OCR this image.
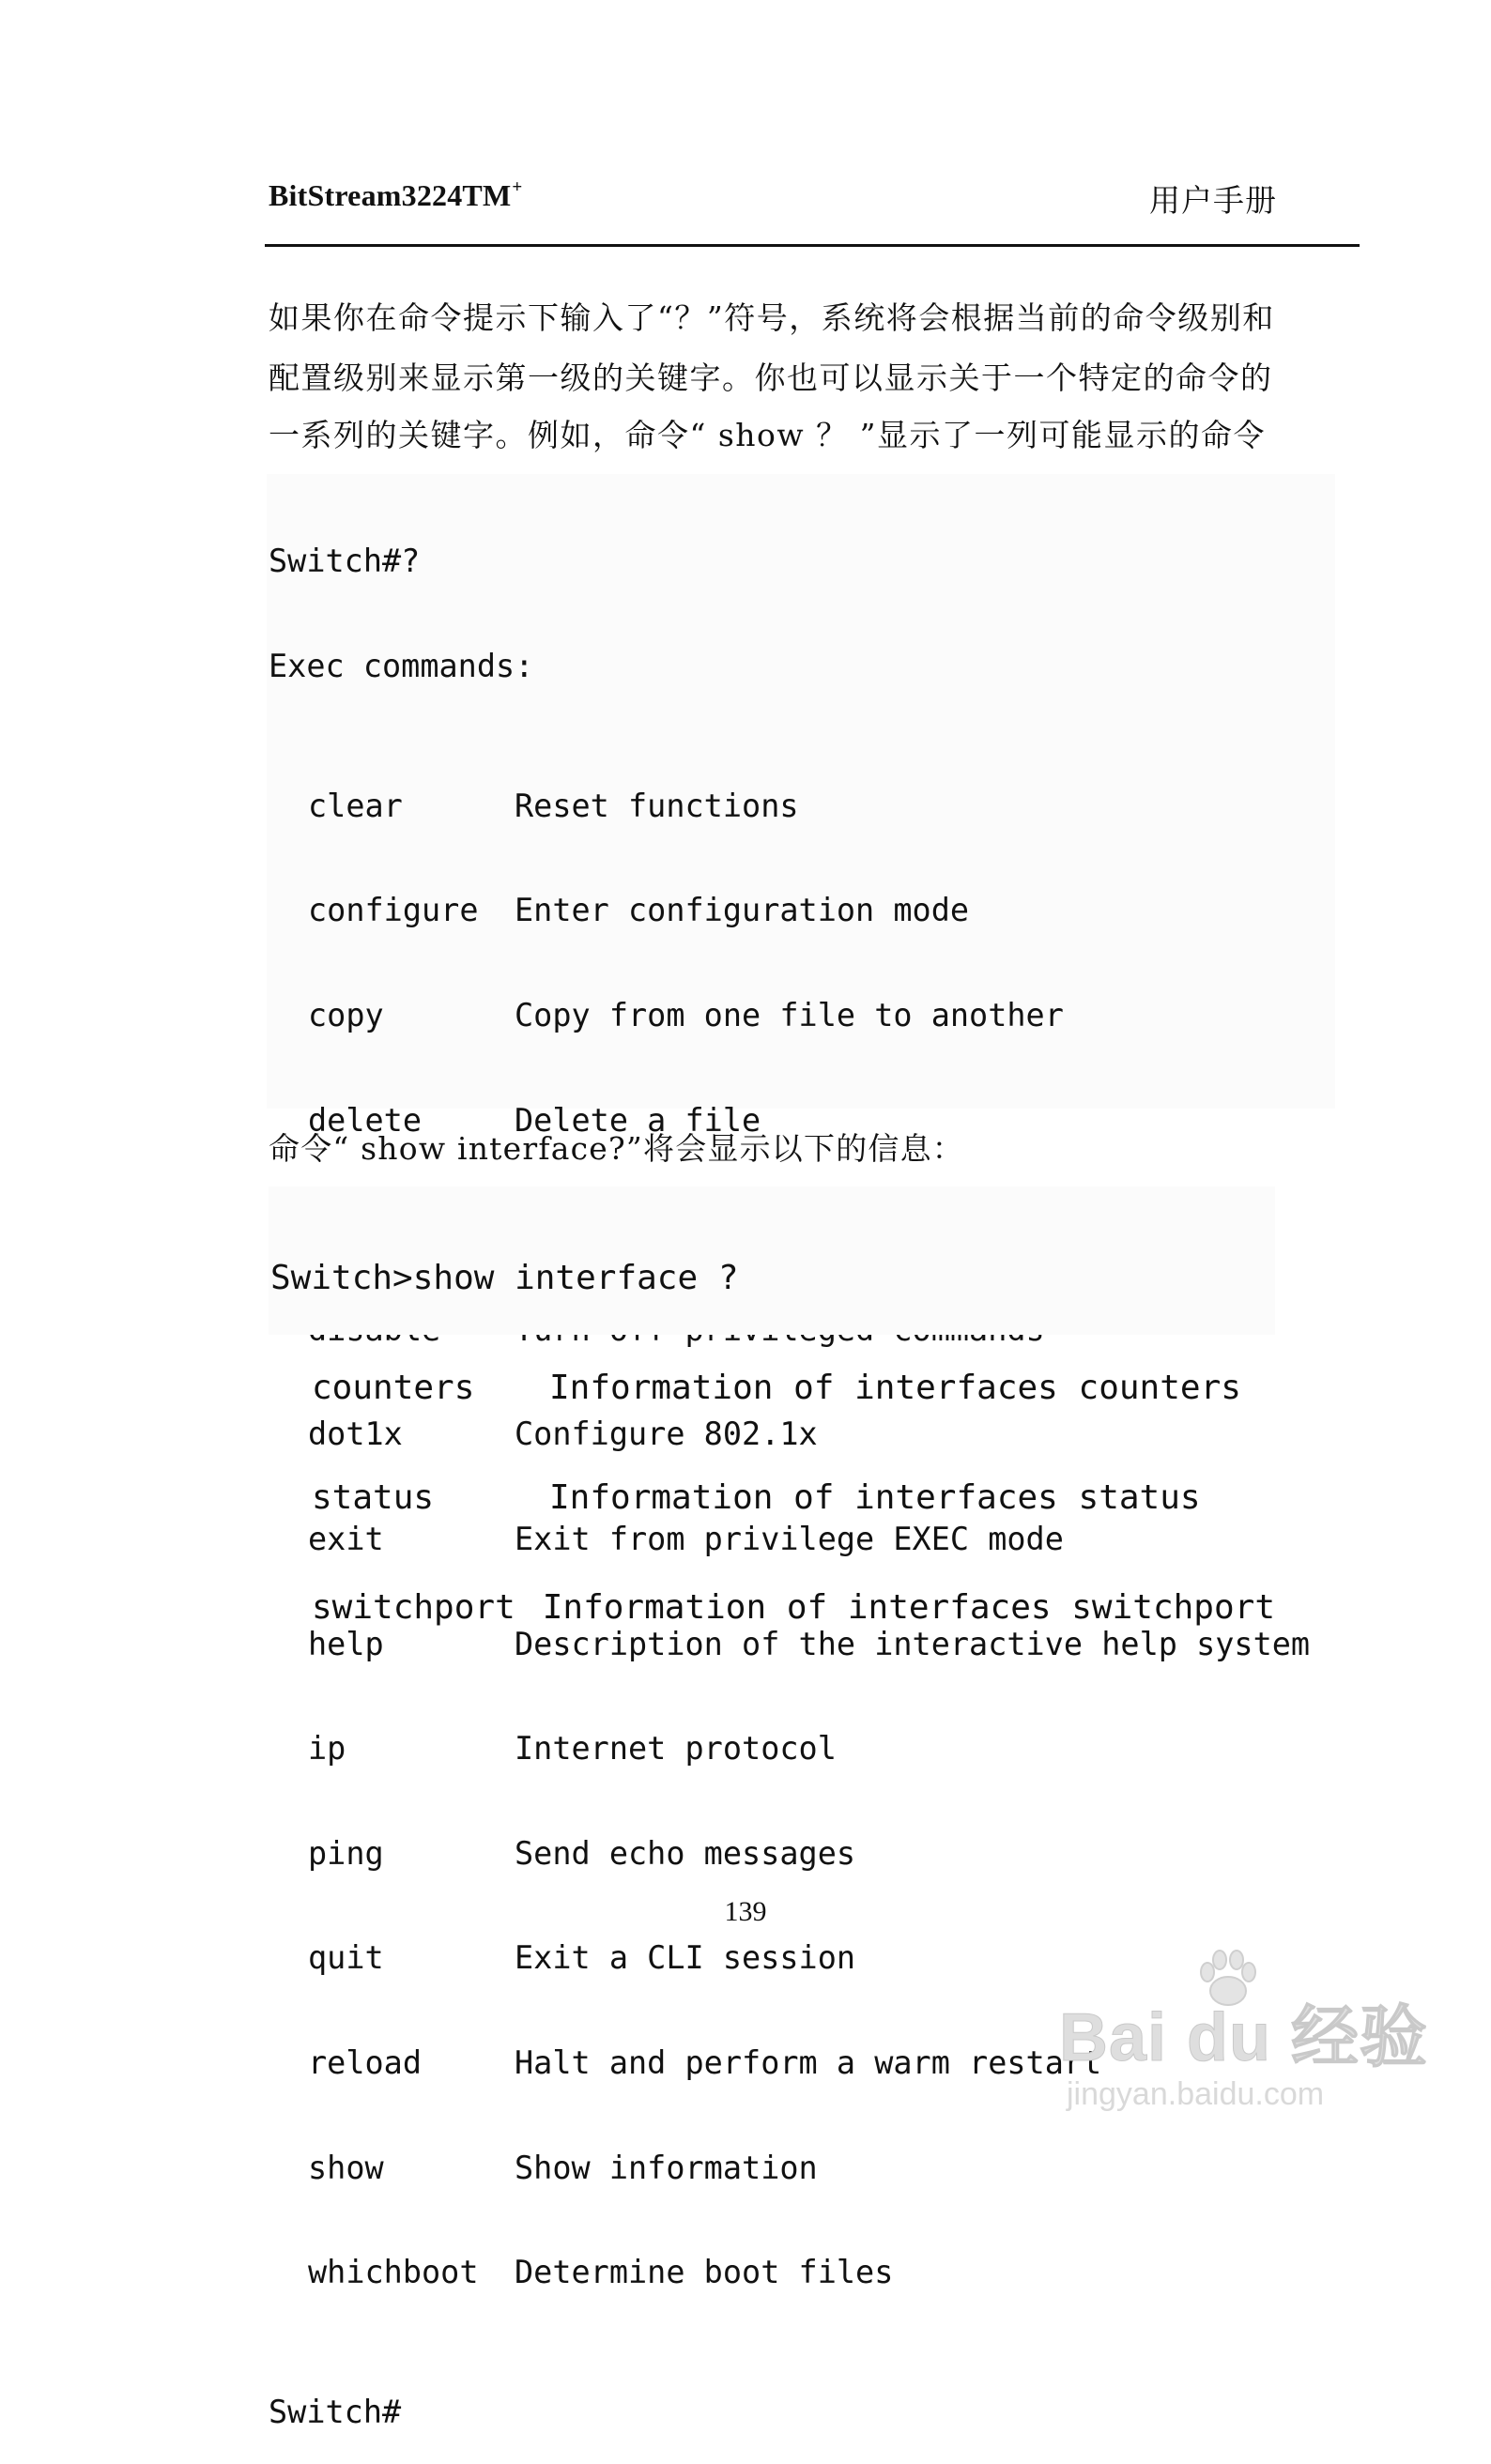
BitStream3224TM+	用户手册
如果你在命令提示下输入了“？”符号，系统将会根据当前的命令级别和
配置级别来显示第一级的关键字。你也可以显示关于一个特定的命令的
一系列的关键字。例如，命令“ show ？ ”显示了一列可能显示的命令

Switch#?

Exec commands:

clear	Reset functions

configure	Enter configuration mode

copy	Copy from one file to another

delete	Delete a file

dot1x	Configure 802.1x

exit	Exit from privilege EXEC mode

help	Description of the interactive help system

ip	Internet protocol

ping	Send echo messages

quit	Exit a CLI session

reload	Halt and perform a warm restart

show	Show information

whichboot	Determine boot files

Switch#

命令“ show interface?”将会显示以下的信息：

Switch>show interface ?

counters	Information of interfaces counters

status	Information of interfaces status

switchport Information of interfaces switchport

139
Bai du 经验
jingyan.baidu.com
